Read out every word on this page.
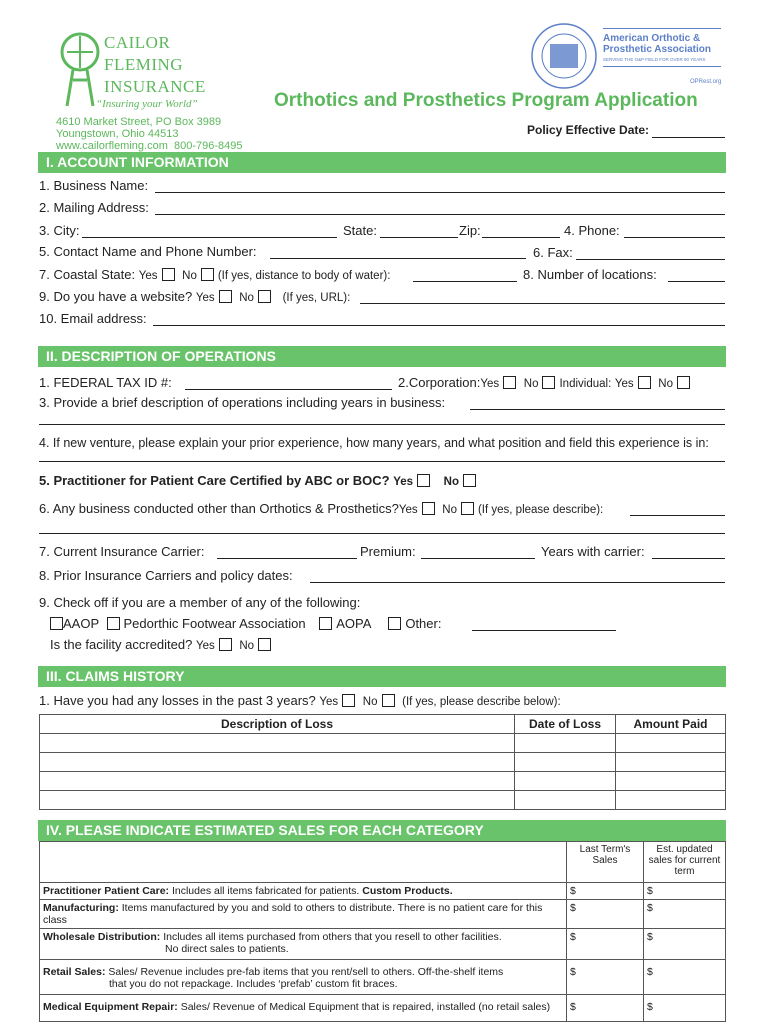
CAILOR
FLEMING
INSURANCE
“Insuring your World”
4610 Market Street, PO Box 3989
Youngstown, Ohio 44513
www.cailorfleming.com 800-796-8495
American Orthotic &
Prosthetic Association
SERVING THE O&P FIELD FOR OVER 90 YEARS
OPRest.org
Orthotics and Prosthetics Program Application
Policy Effective Date:
I. ACCOUNT INFORMATION
1. Business Name:
2. Mailing Address:
3. City:	State:	Zip:	4. Phone:
5. Contact Name and Phone Number:	6. Fax:
7. Coastal State: Yes No (If yes, distance to body of water):	8. Number of locations:
9. Do you have a website? Yes No (If yes, URL):
10. Email address:
II. DESCRIPTION OF OPERATIONS
1. FEDERAL TAX ID #:	2.Corporation:Yes No Individual: Yes No
3. Provide a brief description of operations including years in business:
4. If new venture, please explain your prior experience, how many years, and what position and field this experience is in:
5. Practitioner for Patient Care Certified by ABC or BOC? Yes	No
6. Any business conducted other than Orthotics & Prosthetics?Yes No (If yes, please describe):
7. Current Insurance Carrier:	Premium:	Years with carrier:
8. Prior Insurance Carriers and policy dates:
9. Check off if you are a member of any of the following:
AAOP Pedorthic Footwear Association AOPA	Other:
Is the facility accredited? Yes No
III. CLAIMS HISTORY
1. Have you had any losses in the past 3 years? Yes No (If yes, please describe below):
Description of Loss	Date of Loss	Amount Paid

IV. PLEASE INDICATE ESTIMATED SALES FOR EACH CATEGORY
	Last Term's Sales	Est. updated sales for current term
Practitioner Patient Care: Includes all items fabricated for patients. Custom Products.	$	$
Manufacturing: Items manufactured by you and sold to others to distribute. There is no patient care for this class	$	$
Wholesale Distribution: Includes all items purchased from others that you resell to other facilities.
No direct sales to patients.	$	$
Retail Sales: Sales/ Revenue includes pre-fab items that you rent/sell to others. Off-the-shelf items
that you do not repackage. Includes ‘prefab’ custom fit braces.	$	$
Medical Equipment Repair: Sales/ Revenue of Medical Equipment that is repaired, installed (no retail sales)	$	$
